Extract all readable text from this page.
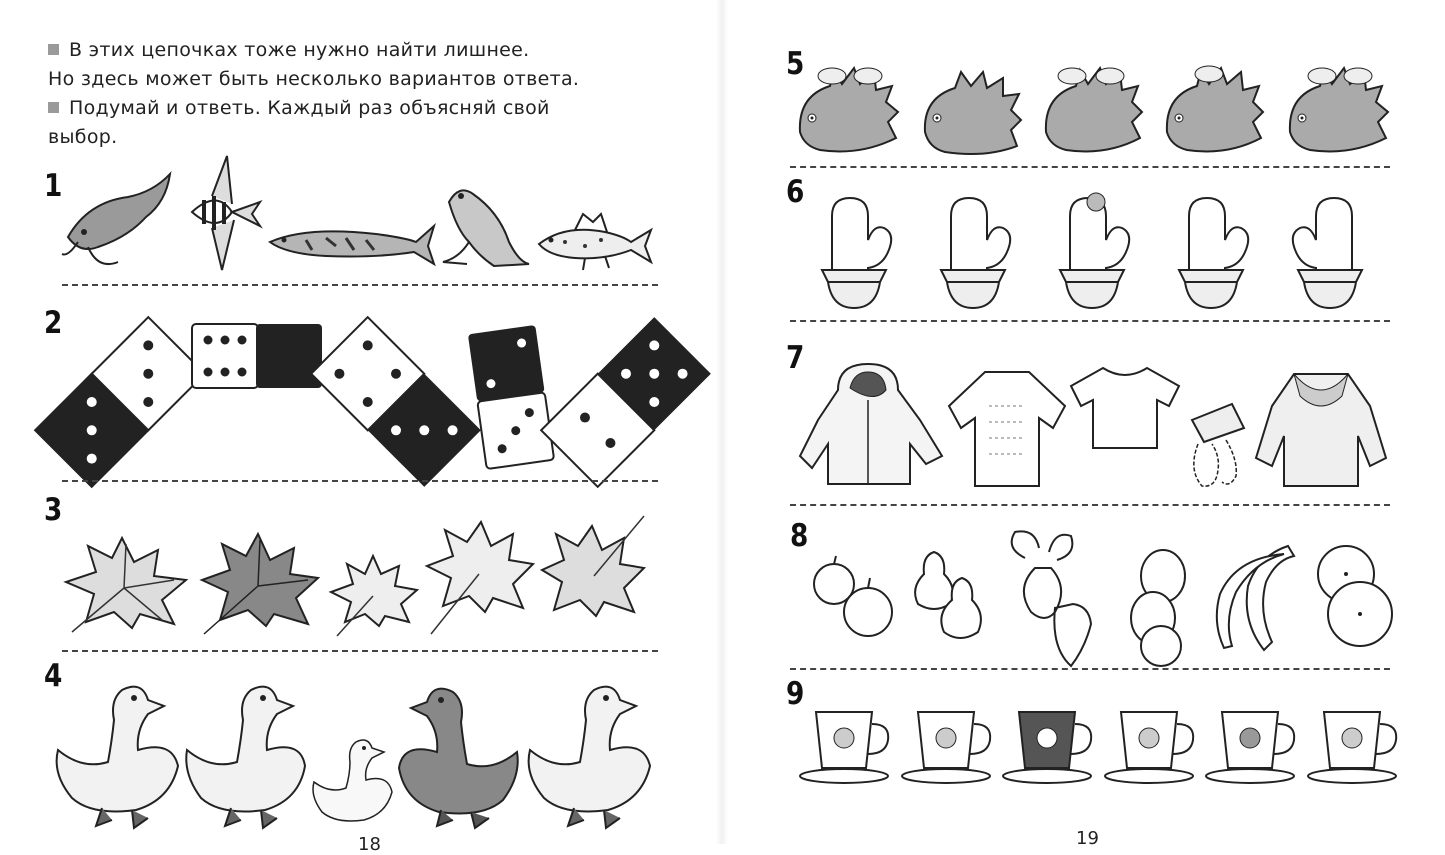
В этих цепочках тоже нужно найти лишнее.

Но здесь может быть несколько вариантов ответа.

Подумай и ответь. Каждый раз объясняй свой

выбор.

1
2
3
4
18
5
6
7
8
9
19
